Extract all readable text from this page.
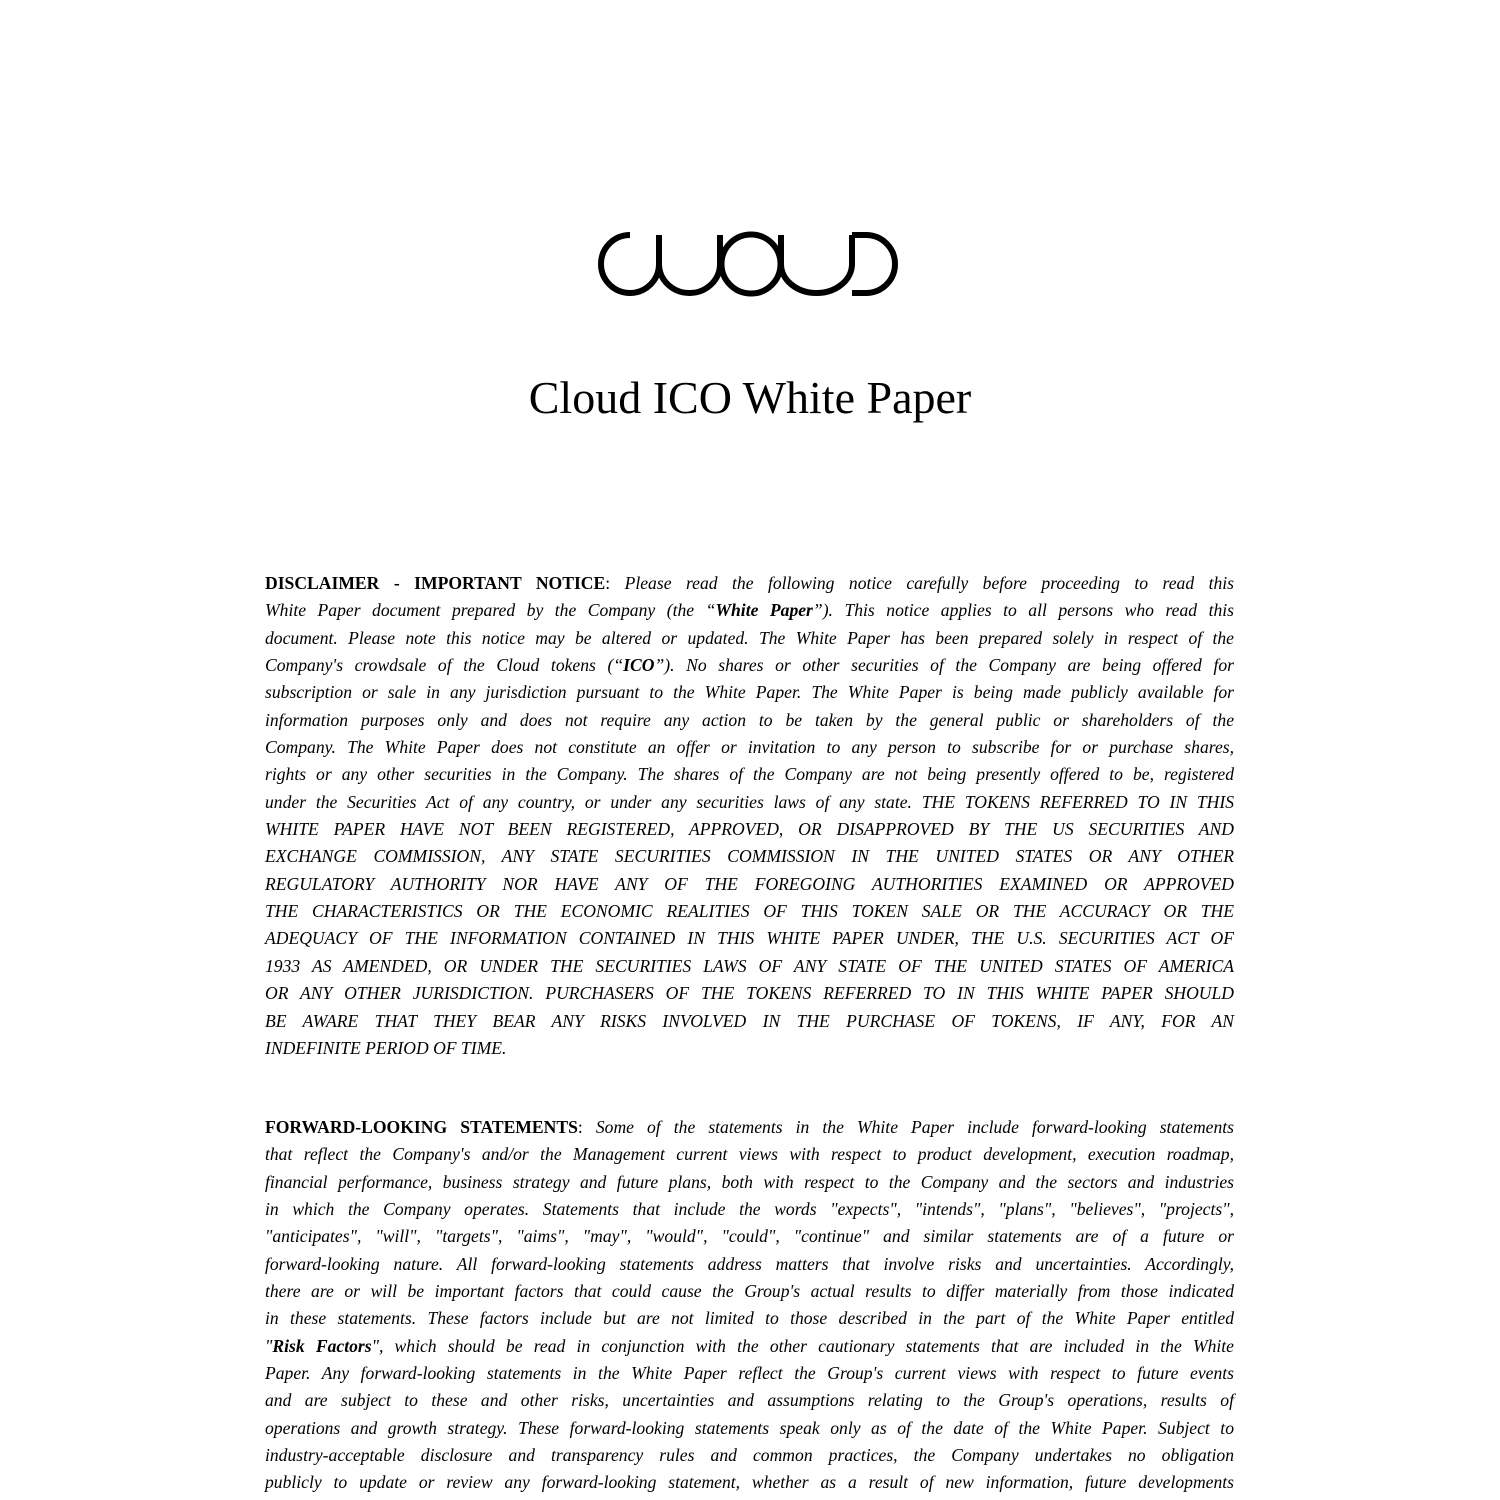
Cloud ICO White Paper
DISCLAIMER - IMPORTANT NOTICE: Please read the following notice carefully before proceeding to read this
White Paper document prepared by the Company (the “White Paper”). This notice applies to all persons who read this
document. Please note this notice may be altered or updated. The White Paper has been prepared solely in respect of the
Company's crowdsale of the Cloud tokens (“ICO”). No shares or other securities of the Company are being offered for
subscription or sale in any jurisdiction pursuant to the White Paper. The White Paper is being made publicly available for
information purposes only and does not require any action to be taken by the general public or shareholders of the
Company. The White Paper does not constitute an offer or invitation to any person to subscribe for or purchase shares,
rights or any other securities in the Company. The shares of the Company are not being presently offered to be, registered
under the Securities Act of any country, or under any securities laws of any state. THE TOKENS REFERRED TO IN THIS
WHITE PAPER HAVE NOT BEEN REGISTERED, APPROVED, OR DISAPPROVED BY THE US SECURITIES AND
EXCHANGE COMMISSION, ANY STATE SECURITIES COMMISSION IN THE UNITED STATES OR ANY OTHER
REGULATORY AUTHORITY NOR HAVE ANY OF THE FOREGOING AUTHORITIES EXAMINED OR APPROVED
THE CHARACTERISTICS OR THE ECONOMIC REALITIES OF THIS TOKEN SALE OR THE ACCURACY OR THE
ADEQUACY OF THE INFORMATION CONTAINED IN THIS WHITE PAPER UNDER, THE U.S. SECURITIES ACT OF
1933 AS AMENDED, OR UNDER THE SECURITIES LAWS OF ANY STATE OF THE UNITED STATES OF AMERICA
OR ANY OTHER JURISDICTION. PURCHASERS OF THE TOKENS REFERRED TO IN THIS WHITE PAPER SHOULD
BE AWARE THAT THEY BEAR ANY RISKS INVOLVED IN THE PURCHASE OF TOKENS, IF ANY, FOR AN
INDEFINITE PERIOD OF TIME.
FORWARD-LOOKING STATEMENTS: Some of the statements in the White Paper include forward-looking statements
that reflect the Company's and/or the Management current views with respect to product development, execution roadmap,
financial performance, business strategy and future plans, both with respect to the Company and the sectors and industries
in which the Company operates. Statements that include the words "expects", "intends", "plans", "believes", "projects",
"anticipates", "will", "targets", "aims", "may", "would", "could", "continue" and similar statements are of a future or
forward-looking nature. All forward-looking statements address matters that involve risks and uncertainties. Accordingly,
there are or will be important factors that could cause the Group's actual results to differ materially from those indicated
in these statements. These factors include but are not limited to those described in the part of the White Paper entitled
"Risk Factors", which should be read in conjunction with the other cautionary statements that are included in the White
Paper. Any forward-looking statements in the White Paper reflect the Group's current views with respect to future events
and are subject to these and other risks, uncertainties and assumptions relating to the Group's operations, results of
operations and growth strategy. These forward-looking statements speak only as of the date of the White Paper. Subject to
industry-acceptable disclosure and transparency rules and common practices, the Company undertakes no obligation
publicly to update or review any forward-looking statement, whether as a result of new information, future developments
